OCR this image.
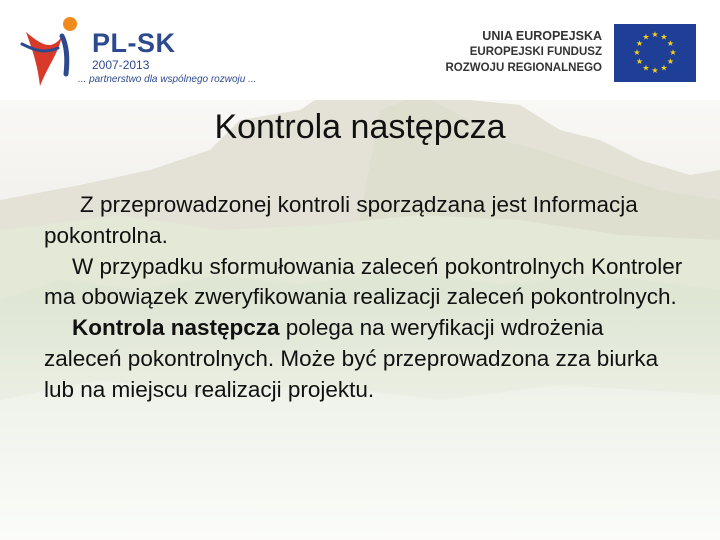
PL-SK
2007-2013
... partnerstwo dla wspólnego rozwoju ...
UNIA EUROPEJSKA
EUROPEJSKI FUNDUSZ
ROZWOJU REGIONALNEGO
★ ★
★
★
★
★
★
★
★
★
★
★
Kontrola następcza

Z przeprowadzonej kontroli sporządzana jest Informacja pokontrolna.

W przypadku sformułowania zaleceń pokontrolnych Kontroler ma obowiązek zweryfikowania realizacji zaleceń pokontrolnych.

Kontrola następcza polega na weryfikacji wdrożenia zaleceń pokontrolnych. Może być przeprowadzona zza biurka lub na miejscu realizacji projektu.
